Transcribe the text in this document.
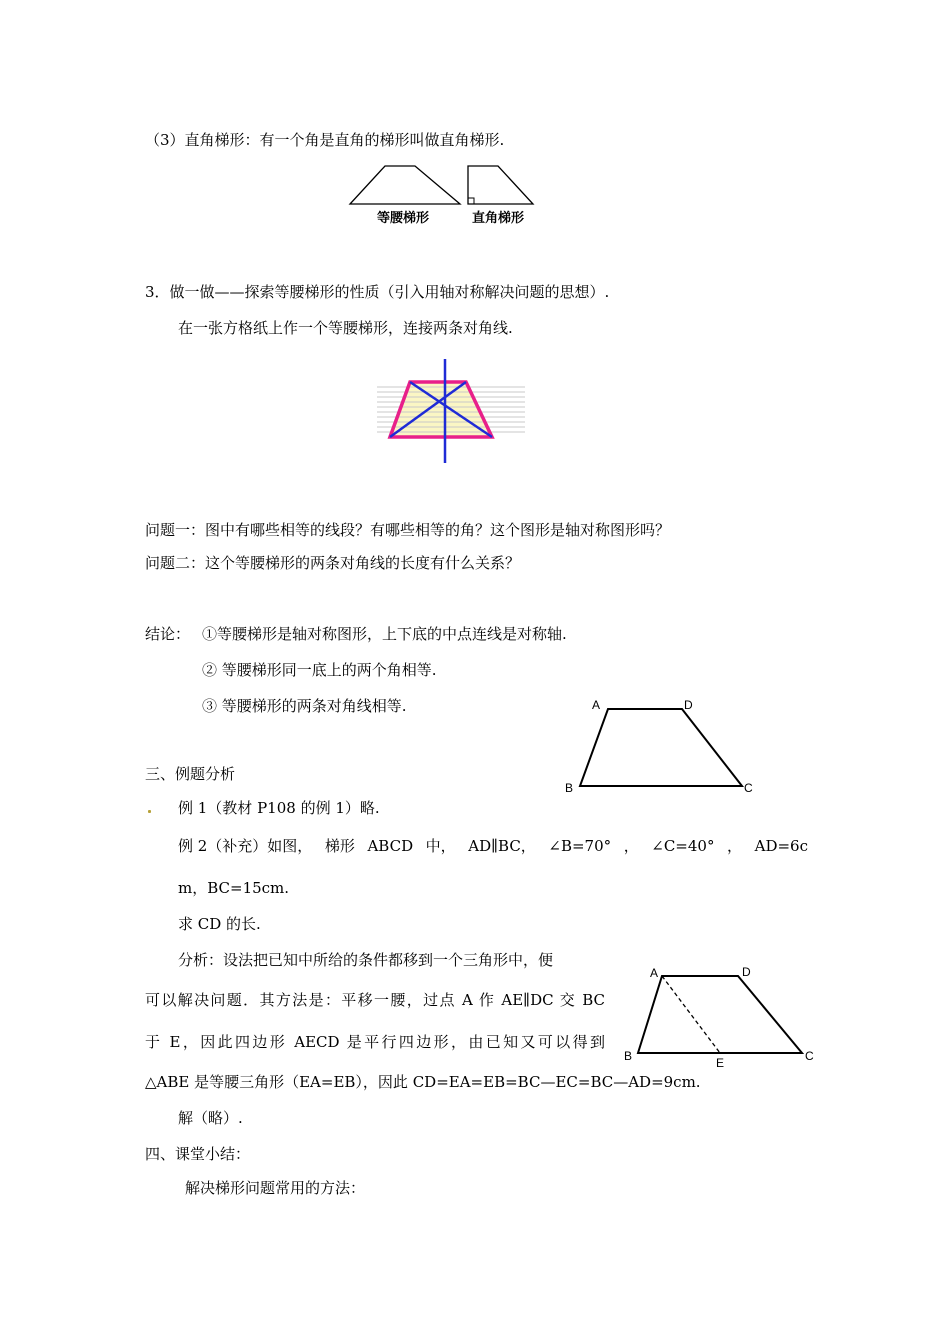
（3）直角梯形：有一个角是直角的梯形叫做直角梯形.
等腰梯形	直角梯形
3．做一做——探索等腰梯形的性质（引入用轴对称解决问题的思想）.
在一张方格纸上作一个等腰梯形，连接两条对角线.
问题一：图中有哪些相等的线段？有哪些相等的角？这个图形是轴对称图形吗？
问题二：这个等腰梯形的两条对角线的长度有什么关系？
结论： ①等腰梯形是轴对称图形，上下底的中点连线是对称轴.
② 等腰梯形同一底上的两个角相等.
③ 等腰梯形的两条对角线相等.	A	D
B	C
三、例题分析
例 1（教材 P108 的例 1）略.
例 2（补充）如图， 梯形 ABCD 中， AD∥BC， ∠B=70° ， ∠C=40° ， AD=6c
m，BC=15cm.
求 CD 的长.
分析：设法把已知中所给的条件都移到一个三角形中，便
可以解决问题．其方法是：平移一腰，过点 A 作 AE∥DC 交 BC
于 E，因此四边形 AECD 是平行四边形，由已知又可以得到
△ABE 是等腰三角形（EA=EB），因此 CD=EA=EB=BC—EC=BC—AD=9cm.
A	D
B	E	C
解（略）.
四、课堂小结：
解决梯形问题常用的方法：
